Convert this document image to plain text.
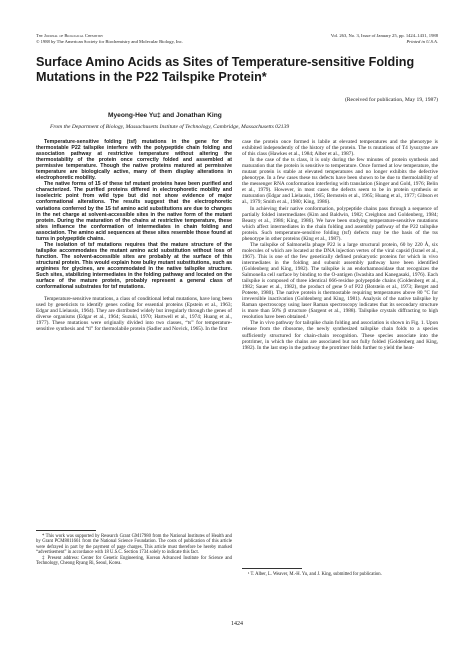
The Journal of Biological Chemistry
© 1988 by The American Society for Biochemistry and Molecular Biology, Inc.
Vol. 263, No. 3, Issue of January 25, pp. 1424–1431, 1988
Printed in U.S.A.
Surface Amino Acids as Sites of Temperature-sensitive Folding Mutations in the P22 Tailspike Protein*
(Received for publication, May 19, 1987)
Myeong-Hee Yu‡ and Jonathan King
From the Department of Biology, Massachusetts Institute of Technology, Cambridge, Massachusetts 02139

Temperature-sensitive folding (tsf) mutations in the gene for the thermostable P22 tailspike interfere with the polypeptide chain folding and association pathway at restrictive temperature without altering the thermostability of the protein once correctly folded and assembled at permissive temperature. Though the native proteins matured at permissive temperature are biologically active, many of them display alterations in electrophoretic mobility.

The native forms of 15 of these tsf mutant proteins have been purified and characterized. The purified proteins differed in electrophoretic mobility and isoelectric point from wild type but did not show evidence of major conformational alterations. The results suggest that the electrophoretic variations conferred by the 15 tsf amino acid substitutions are due to changes in the net charge at solvent-accessible sites in the native form of the mutant protein. During the maturation of the chains at restrictive temperature, these sites influence the conformation of intermediates in chain folding and association. The amino acid sequences at these sites resemble those found at turns in polypeptide chains.

The isolation of tsf mutations requires that the mature structure of the tailspike accommodates the mutant amino acid substitution without loss of function. The solvent-accessible sites are probably at the surface of this structural protein. This would explain how bulky mutant substitutions, such as arginines for glycines, are accommodated in the native tailspike structure. Such sites, stabilizing intermediates in the folding pathway and located on the surface of the mature protein, probably represent a general class of conformational substrates for tsf mutations.

Temperature-sensitive mutations, a class of conditional lethal mutations, have long been used by geneticists to identify genes coding for essential proteins (Epstein et al., 1963; Edgar and Lielausis, 1964). They are distributed widely but irregularly through the genes of diverse organisms (Edgar et al., 1964; Suzuki, 1970; Hartwell et al., 1974; Huang et al., 1977). These mutations were originally divided into two classes, “ts” for temperature-sensitive synthesis and “tl” for thermolabile protein (Sadler and Novick, 1965). In the first

case the protein once formed is labile at elevated temperatures and the phenotype is exhibited independently of the history of the protein. The ts mutations of T4 lysozyme are of this class (Hawkes et al., 1984; Alber et al., 1987).

In the case of the ts class, it is only during the few minutes of protein synthesis and maturation that the protein is sensitive to temperature. Once formed at low temperature, the mutant protein is stable at elevated temperatures and no longer exhibits the defective phenotype. In a few cases these tss defects have been shown to be due to thermolability of the messenger RNA conformation interfering with translation (Singer and Gold, 1976; Belin et al., 1979). However, in most cases the defects seem to be in protein synthesis or maturation (Edgar and Lielausis, 1965; Bernstein et al., 1965; Huang et al., 1977; Gibson et al., 1979; Smith et al., 1980; King, 1986).

In achieving their native conformation, polypeptide chains pass through a sequence of partially folded intermediates (Kim and Baldwin, 1982; Creighton and Goldenberg, 1984; Beasty et al., 1986; King, 1986). We have been studying temperature-sensitive mutations which affect intermediates in the chain folding and assembly pathway of the P22 tailspike protein. Such temperature-sensitive folding (tsf) defects may be the basis of the tss phenotype in other proteins (King et al., 1987).

The tailspike of Salmonella phage P22 is a large structural protein, 60 by 220 Å, six molecules of which are located at the DNA injection vertex of the viral capsid (Israel et al., 1967). This is one of the few genetically defined prokaryotic proteins for which in vivo intermediates in the folding and subunit assembly pathway have been identified (Goldenberg and King, 1982). The tailspike is an endorhamnosidase that recognizes the Salmonella cell surface by binding to the O-antigen (Iwashita and Kanegasaki, 1976). Each tailspike is composed of three identical 666-residue polypeptide chains (Goldenberg et al., 1982; Sauer et al., 1982), the product of gene 9 of P22 (Botstein et al., 1973; Berget and Poteete, 1980). The native protein is thermostable requiring temperatures above 80 °C for irreversible inactivation (Goldenberg and King, 1981). Analysis of the native tailspike by Raman spectroscopy using laser Raman spectroscopy indicates that its secondary structure is more than 50% β structure (Sargent et al., 1988). Tailspike crystals diffracting to high resolution have been obtained.¹

The in vivo pathway for tailspike chain folding and association is shown in Fig. 1. Upon release from the ribosome, the newly synthesized tailspike chain folds to a species sufficiently structured for chain-chain recognition. These species associate into the protrimer, in which the chains are associated but not fully folded (Goldenberg and King, 1982). In the last step in the pathway the protrimer folds further to yield the heat-

* This work was supported by Research Grant GM17980 from the National Institutes of Health and by Grant PCM8011661 from the National Science Foundation. The costs of publication of this article were defrayed in part by the payment of page charges. This article must therefore be hereby marked “advertisement” in accordance with 18 U.S.C. Section 1734 solely to indicate this fact.

‡ Present address: Center for Genetic Engineering, Korean Advanced Institute for Science and Technology, Cheong Ryang Ri, Seoul, Korea.

¹ T. Alber, L. Weaver, M.-H. Yu, and J. King, submitted for publication.

1424
